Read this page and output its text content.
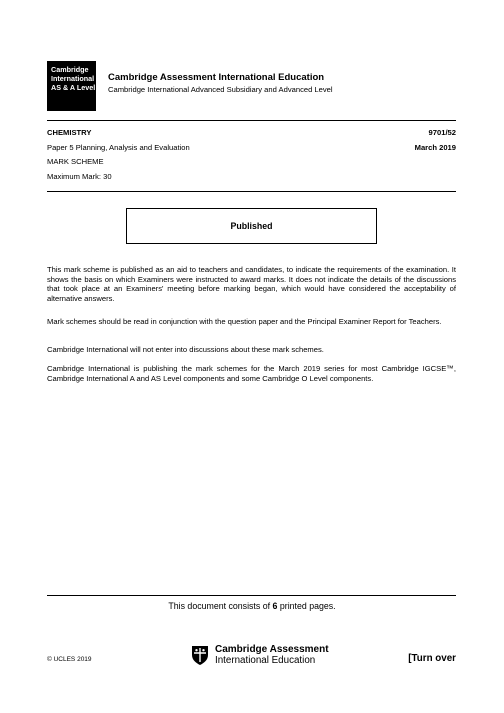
Cambridge
International
AS & A Level
Cambridge Assessment International Education
Cambridge International Advanced Subsidiary and Advanced Level
CHEMISTRY	9701/52
Paper 5 Planning, Analysis and Evaluation	March 2019
MARK SCHEME
Maximum Mark: 30
Published
This mark scheme is published as an aid to teachers and candidates, to indicate the requirements of the examination. It shows the basis on which Examiners were instructed to award marks. It does not indicate the details of the discussions that took place at an Examiners' meeting before marking began, which would have considered the acceptability of alternative answers.
Mark schemes should be read in conjunction with the question paper and the Principal Examiner Report for Teachers.
Cambridge International will not enter into discussions about these mark schemes.
Cambridge International is publishing the mark schemes for the March 2019 series for most Cambridge IGCSE™, Cambridge International A and AS Level components and some Cambridge O Level components.
This document consists of 6 printed pages.
© UCLES 2019
Cambridge Assessment
International Education	[Turn over
